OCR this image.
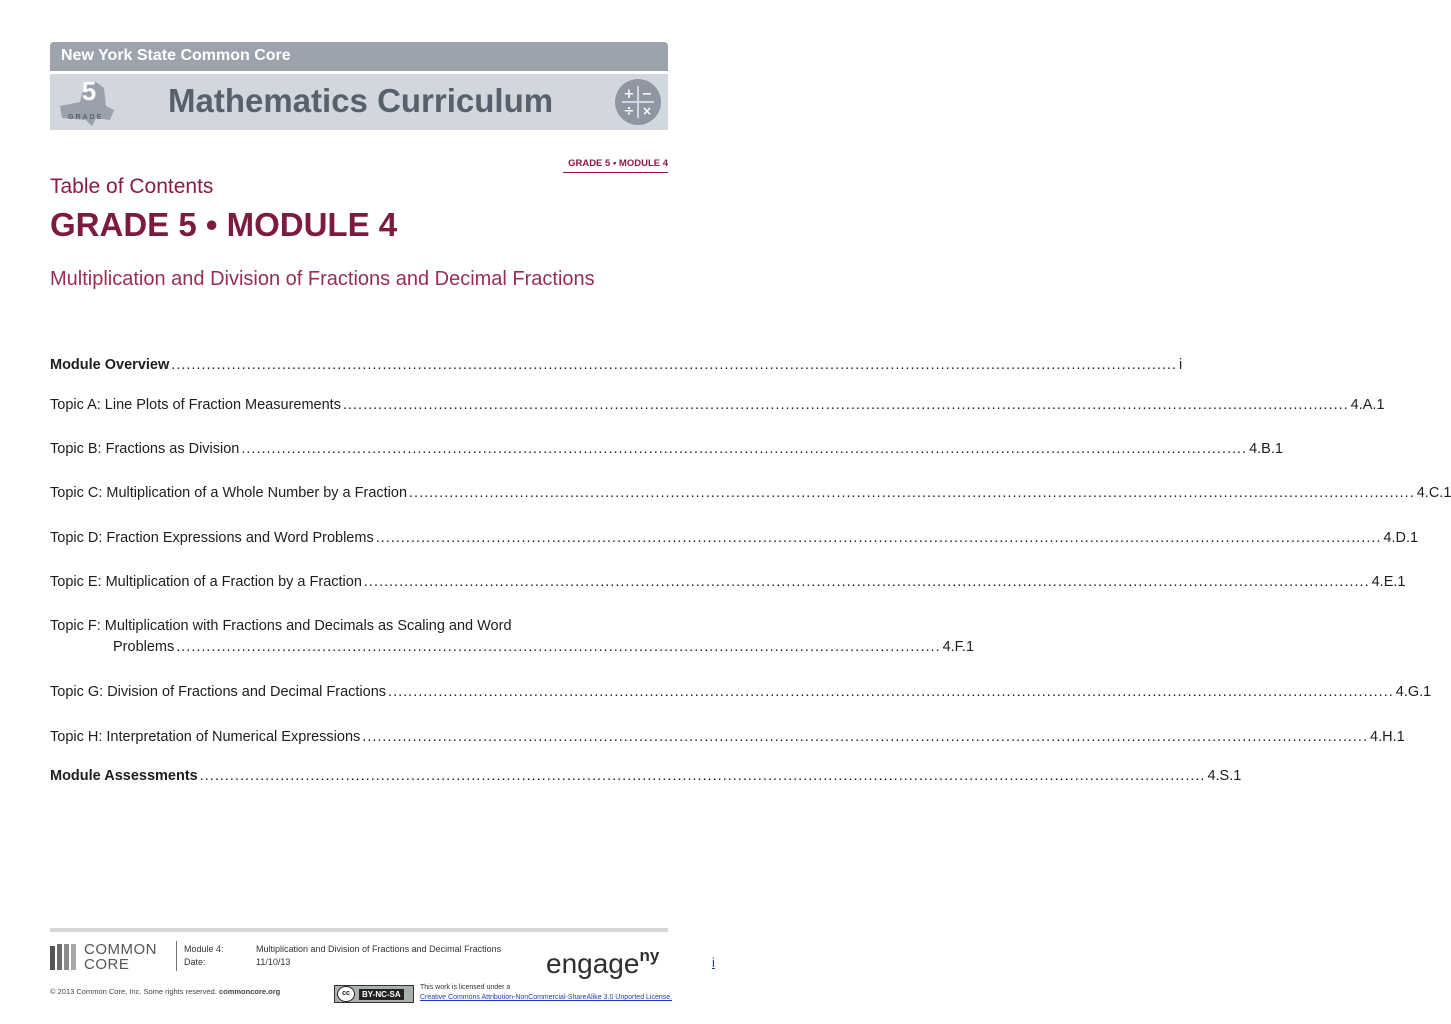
New York State Common Core
5
GRADE Mathematics Curriculum	+ −
÷ ×
GRADE 5 • MODULE 4
Table of Contents
GRADE 5 • MODULE 4
Multiplication and Division of Fractions and Decimal Fractions
Module Overview .....	i
Topic A: Line Plots of Fraction Measurements .....	4.A.1
Topic B: Fractions as Division .....	4.B.1
Topic C: Multiplication of a Whole Number by a Fraction .....	4.C.1
Topic D: Fraction Expressions and Word Problems .....	4.D.1
Topic E: Multiplication of a Fraction by a Fraction .....	4.E.1
Topic F: Multiplication with Fractions and Decimals as Scaling and Word
Problems ........................................................................................................................................................ 4.F.1
Topic G: Division of Fractions and Decimal Fractions .....	4.G.1
Topic H: Interpretation of Numerical Expressions .....	4.H.1
Module Assessments .....	4.S.1
COMMON
CORE
Module 4:	Multiplication and Division of Fractions and Decimal Fractions
Date:	11/10/13	engage$^{ny}$	i
© 2013 Common Core, Inc. Some rights reserved. commoncore.org	cc	BY-NC-SA
This work is licensed under a
Creative Commons Attribution-NonCommercial-ShareAlike 3.0 Unported License.
